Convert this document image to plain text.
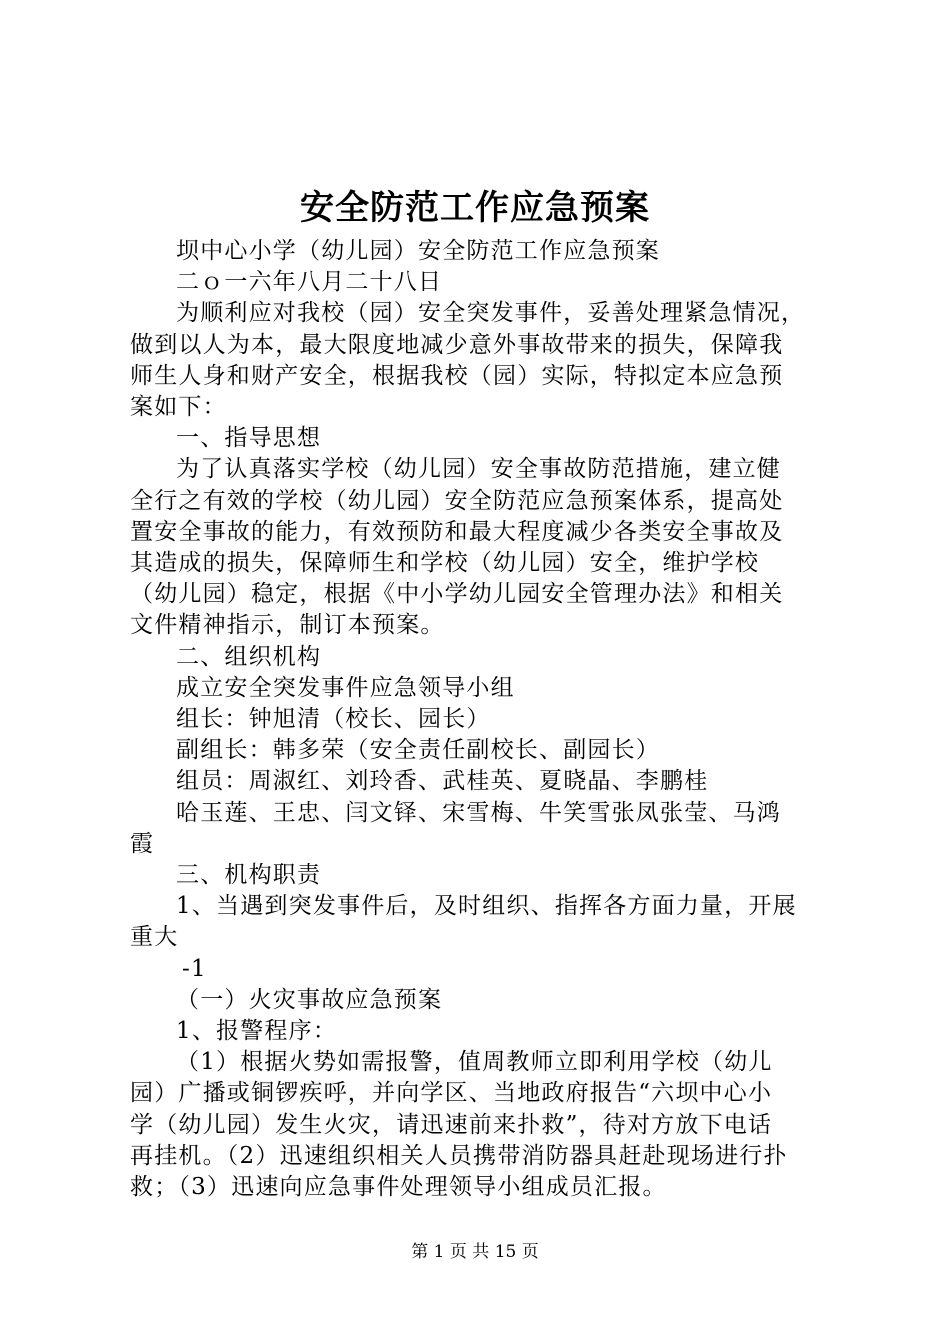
安全防范工作应急预案

坝中心小学（幼儿园）安全防范工作应急预案

二ｏ一六年八月二十八日

为顺利应对我校（园）安全突发事件，妥善处理紧急情况，

做到以人为本，最大限度地减少意外事故带来的损失，保障我

师生人身和财产安全，根据我校（园）实际，特拟定本应急预

案如下：

一、指导思想

为了认真落实学校（幼儿园）安全事故防范措施，建立健

全行之有效的学校（幼儿园）安全防范应急预案体系，提高处

置安全事故的能力，有效预防和最大程度减少各类安全事故及

其造成的损失，保障师生和学校（幼儿园）安全，维护学校

（幼儿园）稳定，根据《中小学幼儿园安全管理办法》和相关

文件精神指示，制订本预案。

二、组织机构

成立安全突发事件应急领导小组

组长：钟旭清（校长、园长）

副组长：韩多荣（安全责任副校长、副园长）

组员：周淑红、刘玲香、武桂英、夏晓晶、李鹏桂

哈玉莲、王忠、闫文铎、宋雪梅、牛笑雪张凤张莹、马鸿

霞

三、机构职责

1、当遇到突发事件后，及时组织、指挥各方面力量，开展

重大

-1

（一）火灾事故应急预案

1、报警程序：

（1）根据火势如需报警，值周教师立即利用学校（幼儿

园）广播或铜锣疾呼，并向学区、当地政府报告“六坝中心小

学（幼儿园）发生火灾，请迅速前来扑救”，待对方放下电话

再挂机。（2）迅速组织相关人员携带消防器具赶赴现场进行扑

救；（3）迅速向应急事件处理领导小组成员汇报。

第 1 页 共 15 页
